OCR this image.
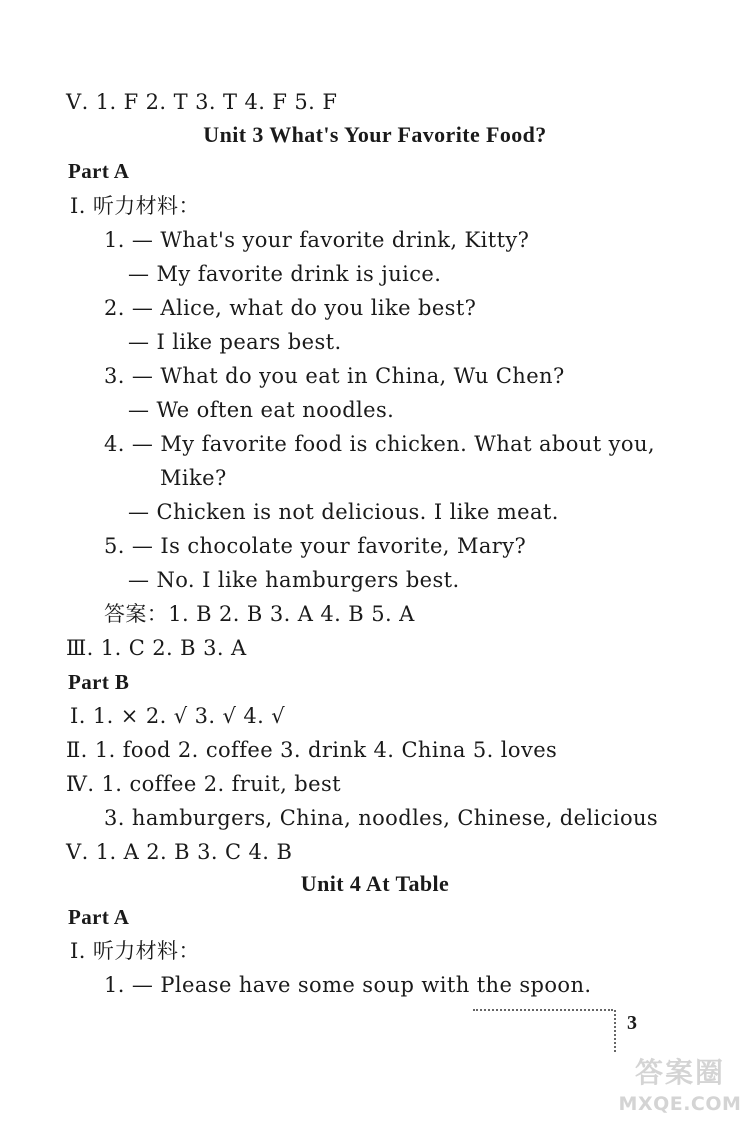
Ⅴ. 1. F 2. T 3. T 4. F 5. F
Unit 3 What's Your Favorite Food?
Part A
Ⅰ. 听力材料：
1. — What's your favorite drink, Kitty?
— My favorite drink is juice.
2. — Alice, what do you like best?
— I like pears best.
3. — What do you eat in China, Wu Chen?
— We often eat noodles.
4. — My favorite food is chicken. What about you,
Mike?
— Chicken is not delicious. I like meat.
5. — Is chocolate your favorite, Mary?
— No. I like hamburgers best.
答案：1. B 2. B 3. A 4. B 5. A
Ⅲ. 1. C 2. B 3. A
Part B
Ⅰ. 1. × 2. √ 3. √ 4. √
Ⅱ. 1. food 2. coffee 3. drink 4. China 5. loves
Ⅳ. 1. coffee 2. fruit, best
3. hamburgers, China, noodles, Chinese, delicious
Ⅴ. 1. A 2. B 3. C 4. B
Unit 4 At Table
Part A
Ⅰ. 听力材料：
1. — Please have some soup with the spoon.
3
答案圈
MXQE.COM
